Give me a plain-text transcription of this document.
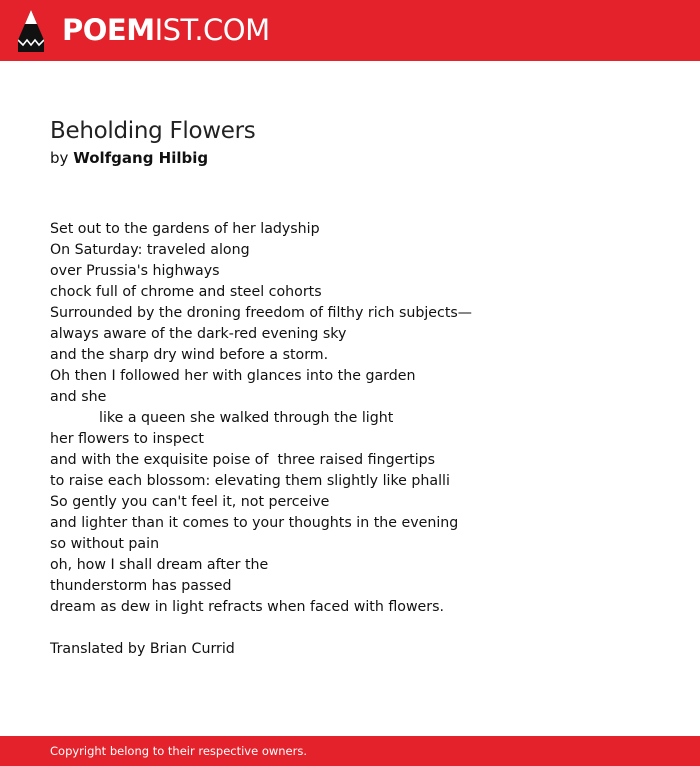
POEMIST.COM
Beholding Flowers
by Wolfgang Hilbig
Set out to the gardens of her ladyship
On Saturday: traveled along
over Prussia's highways
chock full of chrome and steel cohorts
Surrounded by the droning freedom of filthy rich subjects—
always aware of the dark-red evening sky
and the sharp dry wind before a storm.
Oh then I followed her with glances into the garden
and she
like a queen she walked through the light
her flowers to inspect
and with the exquisite poise of  three raised fingertips
to raise each blossom: elevating them slightly like phalli
So gently you can't feel it, not perceive
and lighter than it comes to your thoughts in the evening
so without pain
oh, how I shall dream after the
thunderstorm has passed
dream as dew in light refracts when faced with flowers.
Translated by Brian Currid
Copyright belong to their respective owners.
